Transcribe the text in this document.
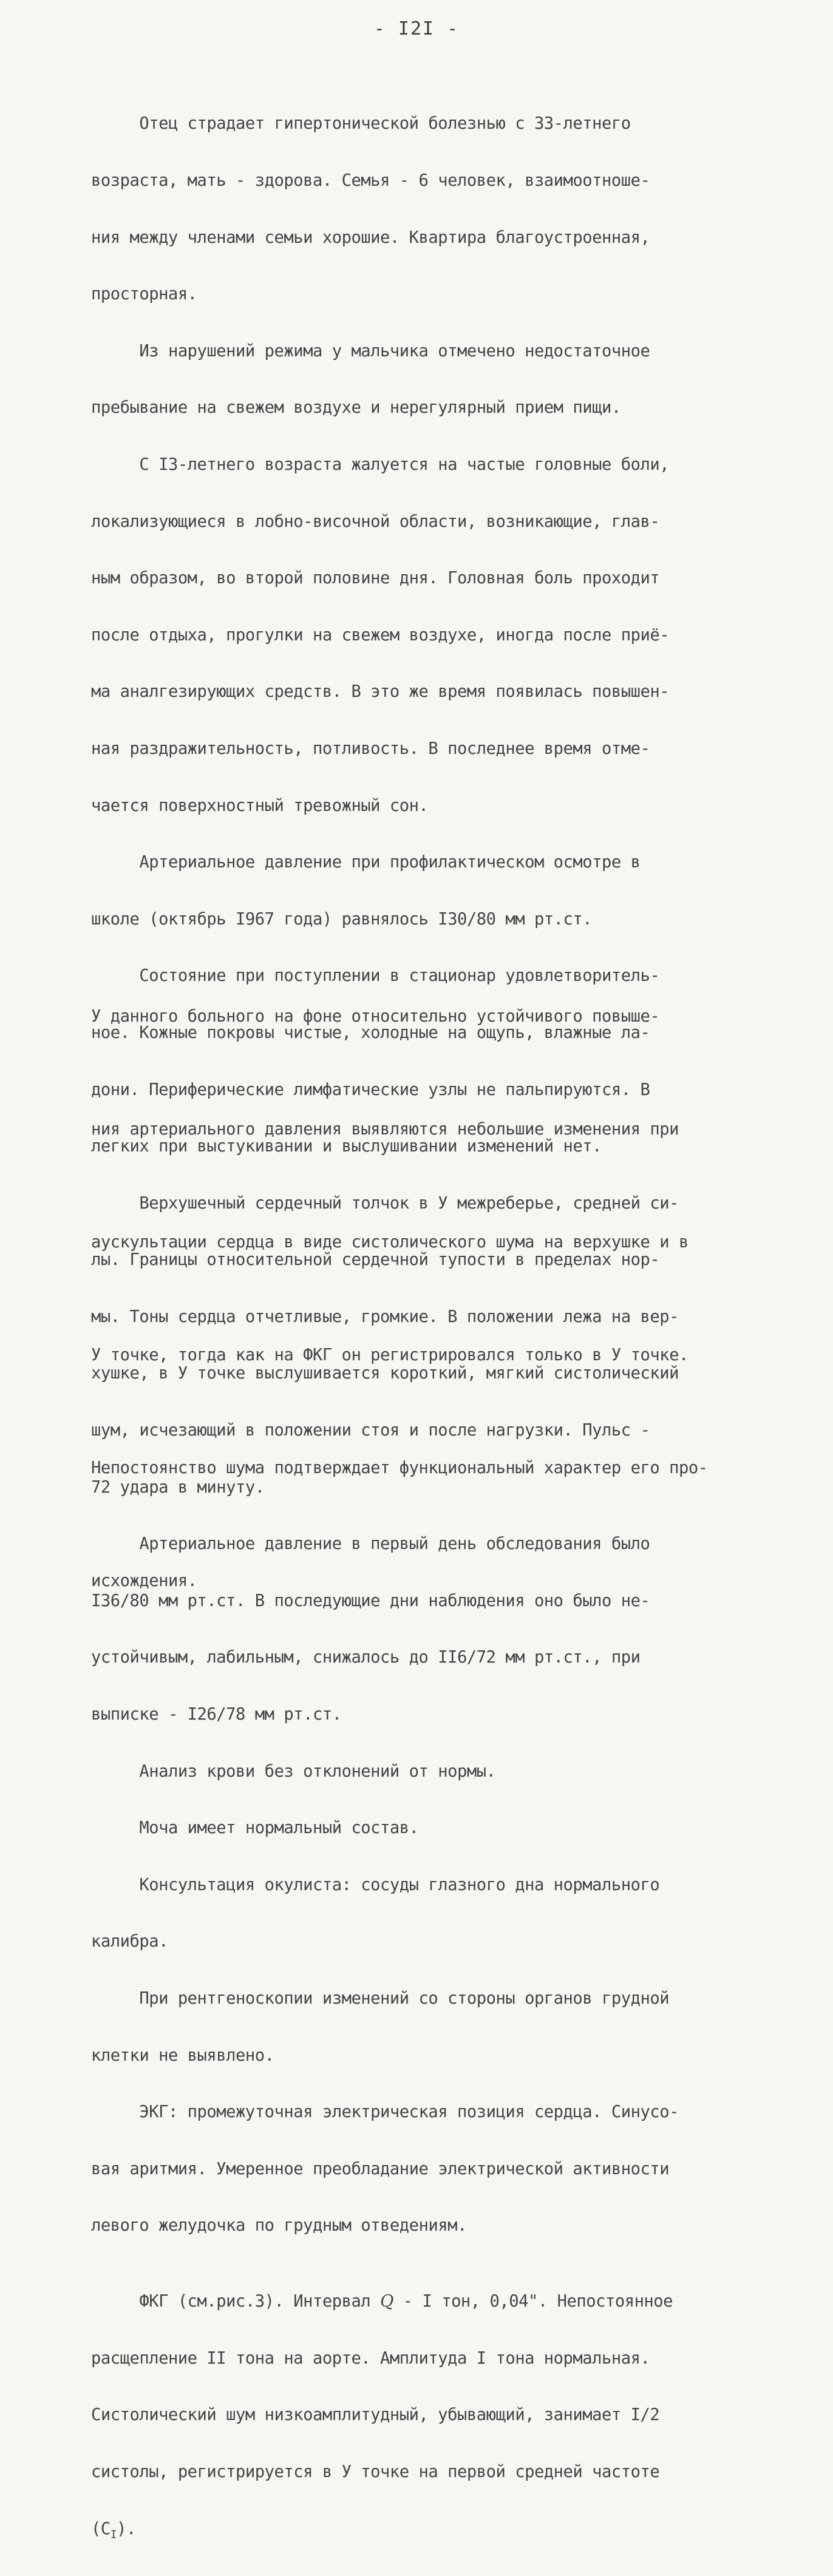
- I2I -

Отец страдает гипертонической болезнью с 33-летнего

возраста, мать - здорова. Семья - 6 человек, взаимоотноше-

ния между членами семьи хорошие. Квартира благоустроенная,

просторная.

Из нарушений режима у мальчика отмечено недостаточное

пребывание на свежем воздухе и нерегулярный прием пищи.

С I3-летнего возраста жалуется на частые головные боли,

локализующиеся в лобно-височной области, возникающие, глав-

ным образом, во второй половине дня. Головная боль проходит

после отдыха, прогулки на свежем воздухе, иногда после приё-

ма аналгезирующих средств. В это же время появилась повышен-

ная раздражительность, потливость. В последнее время отме-

чается поверхностный тревожный сон.

Артериальное давление при профилактическом осмотре в

школе (октябрь I967 года) равнялось I30/80 мм рт.ст.

Состояние при поступлении в стационар удовлетворитель-

ное. Кожные покровы чистые, холодные на ощупь, влажные ла-

дони. Периферические лимфатические узлы не пальпируются. В

легких при выстукивании и выслушивании изменений нет.

Верхушечный сердечный толчок в У межреберье, средней си-

лы. Границы относительной сердечной тупости в пределах нор-

мы. Тоны сердца отчетливые, громкие. В положении лежа на вер-

хушке, в У точке выслушивается короткий, мягкий систолический

шум, исчезающий в положении стоя и после нагрузки. Пульс -

72 удара в минуту.

Артериальное давление в первый день обследования было

I36/80 мм рт.ст. В последующие дни наблюдения оно было не-

устойчивым, лабильным, снижалось до II6/72 мм рт.ст., при

выписке - I26/78 мм рт.ст.

Анализ крови без отклонений от нормы.

Моча имеет нормальный состав.

Консультация окулиста: сосуды глазного дна нормального

калибра.

При рентгеноскопии изменений со стороны органов грудной

клетки не выявлено.

ЭКГ: промежуточная электрическая позиция сердца. Синусо-

вая аритмия. Умеренное преобладание электрической активности

левого желудочка по грудным отведениям.

ФКГ (см.рис.3). Интервал Q - I тон, 0,04". Непостоянное

расщепление II тона на аорте. Амплитуда I тона нормальная.

Систолический шум низкоамплитудный, убывающий, занимает I/2

систолы, регистрируется в У точке на первой средней частоте

$(C_I)$.

У данного больного на фоне относительно устойчивого повыше-

ния артериального давления выявляются небольшие изменения при

аускультации сердца в виде систолического шума на верхушке и в

У точке, тогда как на ФКГ он регистрировался только в У точке.

Непостоянство шума подтверждает функциональный характер его про-

исхождения.
